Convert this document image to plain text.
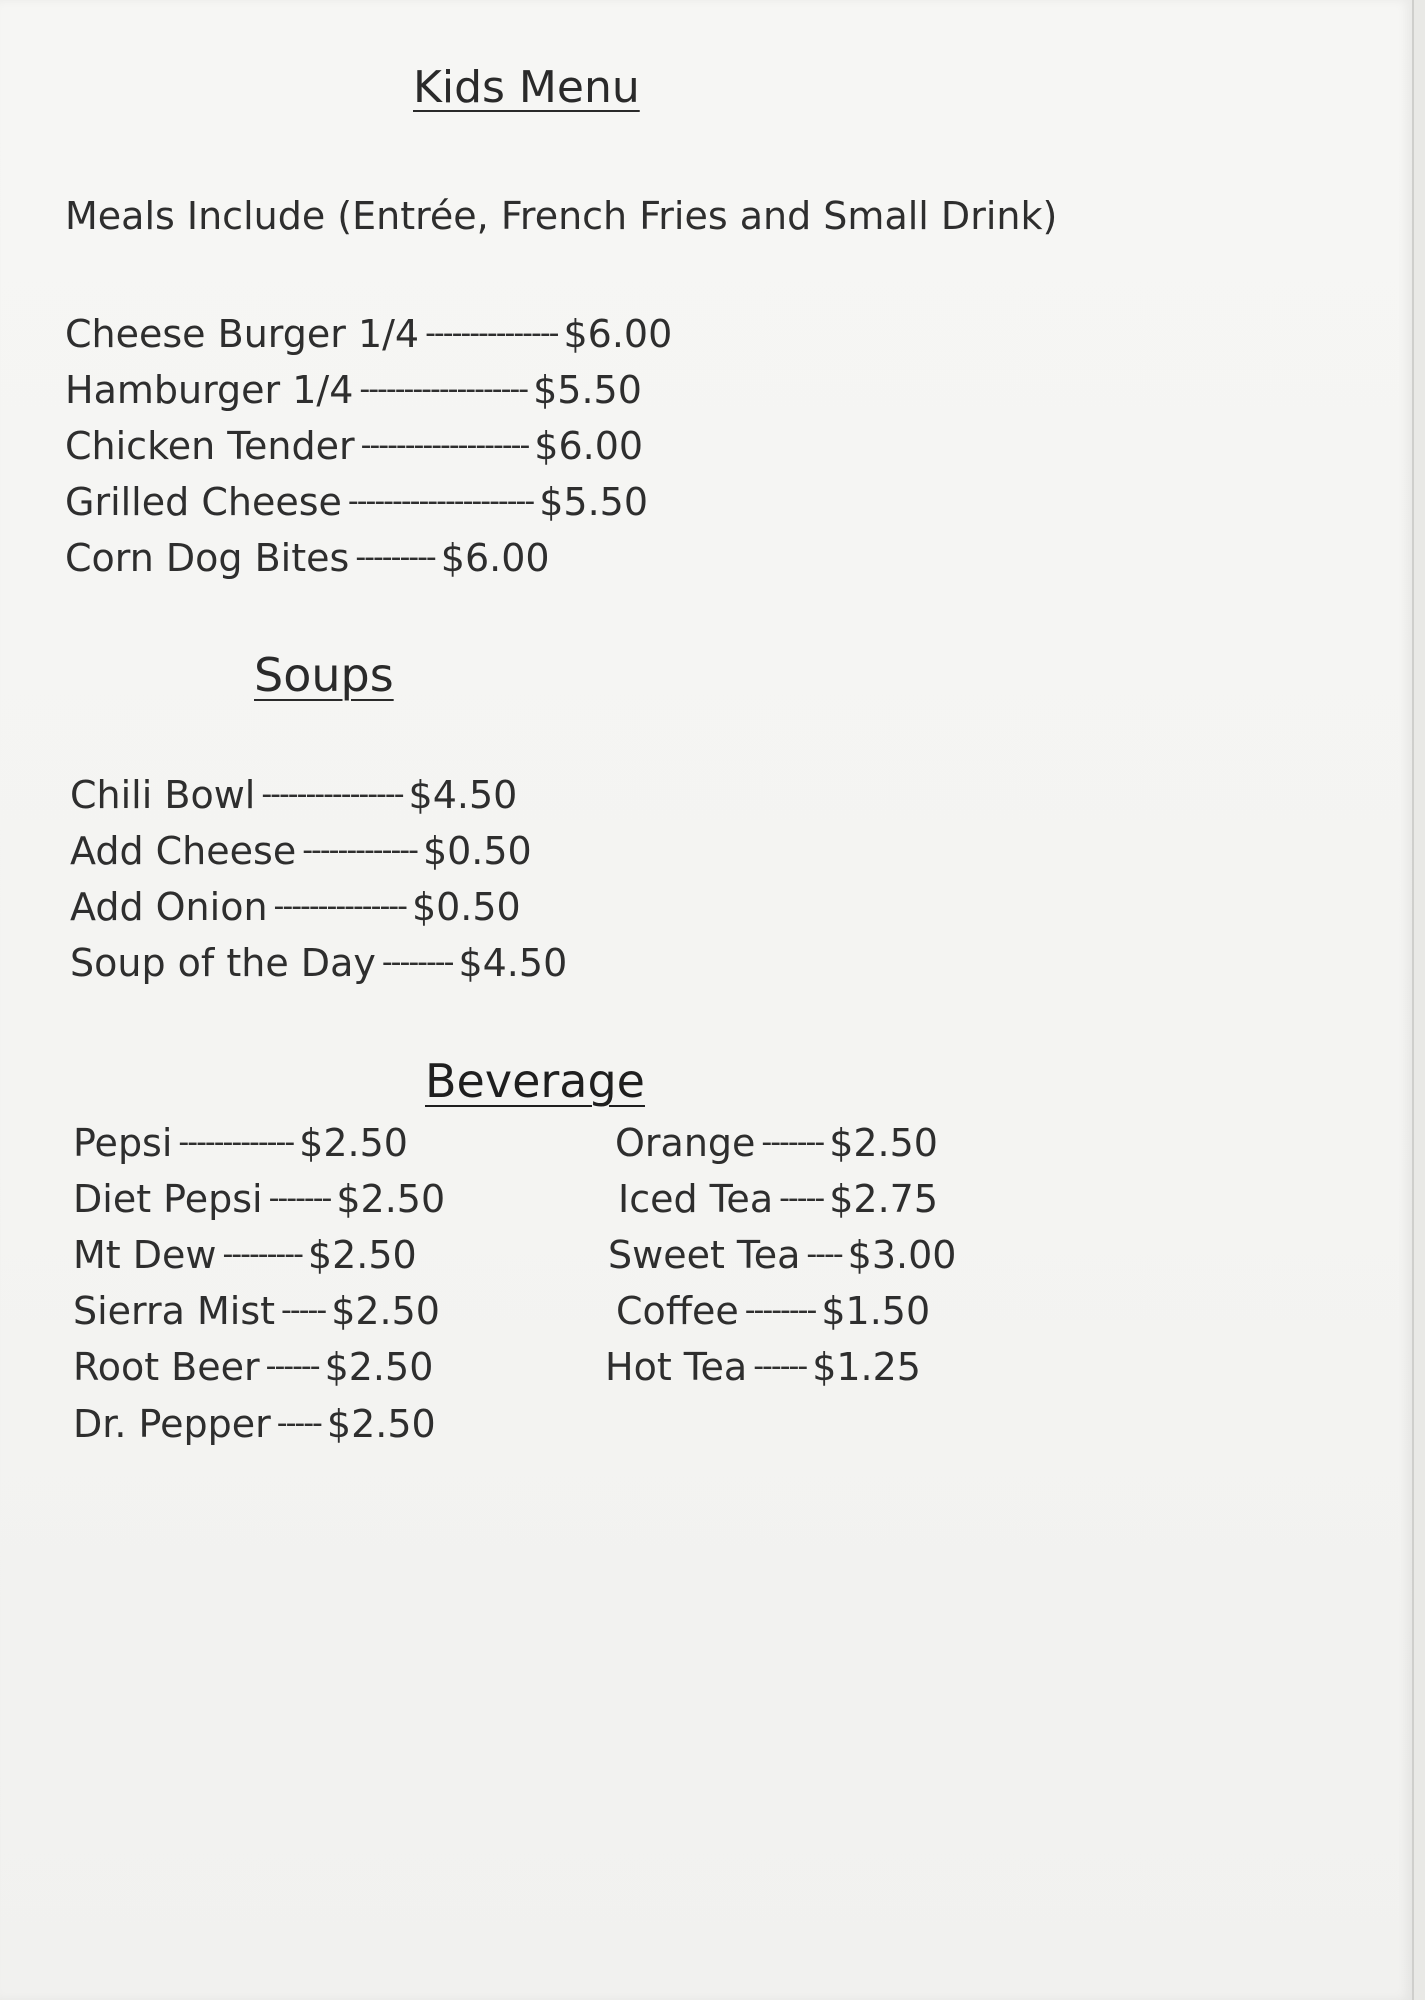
Kids Menu
Meals Include (Entrée, French Fries and Small Drink)
Cheese Burger 1/4 --------------- $6.00
Hamburger 1/4 ------------------- $5.50
Chicken Tender ------------------- $6.00
Grilled Cheese --------------------- $5.50
Corn Dog Bites --------- $6.00
Soups
Chili Bowl ---------------- $4.50
Add Cheese ------------- $0.50
Add Onion --------------- $0.50
Soup of the Day -------- $4.50
Beverage
Pepsi ------------- $2.50
Diet Pepsi ------- $2.50
Mt Dew --------- $2.50
Sierra Mist ----- $2.50
Root Beer ------ $2.50
Dr. Pepper ----- $2.50
Orange ------- $2.50
Iced Tea ----- $2.75
Sweet Tea ---- $3.00
Coffee -------- $1.50
Hot Tea ------ $1.25
